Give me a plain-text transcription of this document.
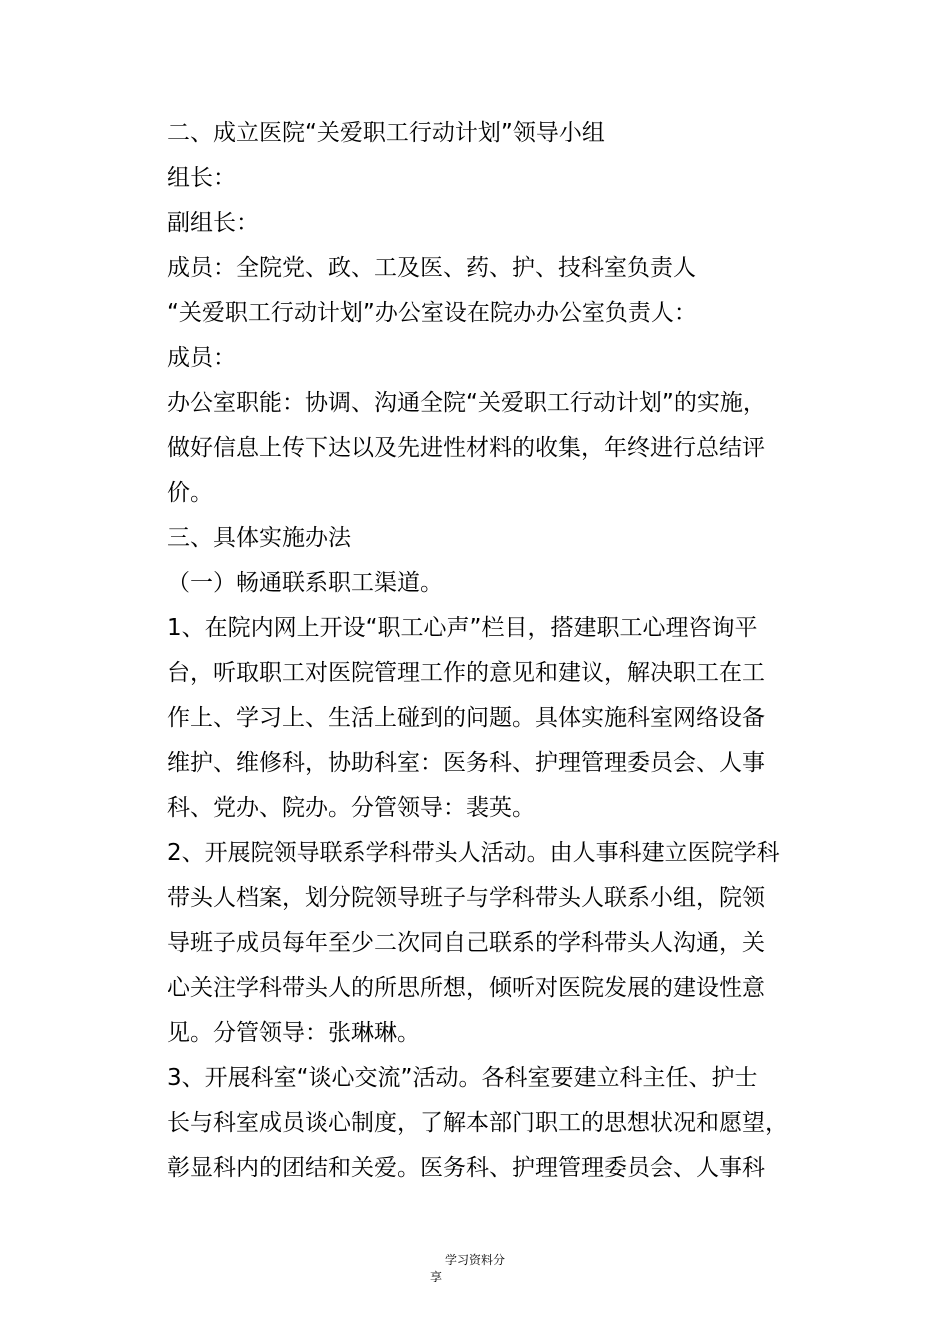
二、成立医院“关爱职工行动计划”领导小组
组长：
副组长：
成员：全院党、政、工及医、药、护、技科室负责人
“关爱职工行动计划”办公室设在院办办公室负责人：
成员：
办公室职能：协调、沟通全院“关爱职工行动计划”的实施，
做好信息上传下达以及先进性材料的收集，年终进行总结评
价。
三、具体实施办法
（一）畅通联系职工渠道。
1、在院内网上开设“职工心声”栏目，搭建职工心理咨询平
台，听取职工对医院管理工作的意见和建议，解决职工在工
作上、学习上、生活上碰到的问题。具体实施科室网络设备
维护、维修科，协助科室：医务科、护理管理委员会、人事
科、党办、院办。分管领导：裴英。
2、开展院领导联系学科带头人活动。由人事科建立医院学科
带头人档案，划分院领导班子与学科带头人联系小组，院领
导班子成员每年至少二次同自己联系的学科带头人沟通，关
心关注学科带头人的所思所想，倾听对医院发展的建设性意
见。分管领导：张琳琳。
3、开展科室“谈心交流”活动。各科室要建立科主任、护士
长与科室成员谈心制度，了解本部门职工的思想状况和愿望，
彰显科内的团结和关爱。医务科、护理管理委员会、人事科
学习资料分
享
